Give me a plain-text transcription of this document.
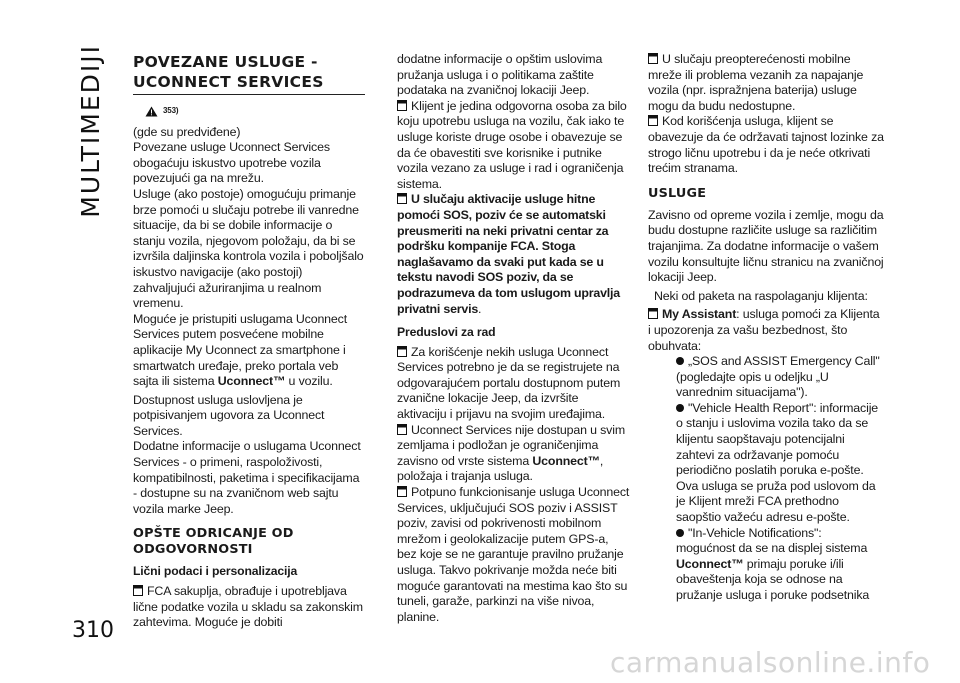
MULTIMEDIJI
310
carmanualsonline.info
POVEZANE USLUGE -
UCONNECT SERVICES

$^{353)}$

(gde su predviđene)

Povezane usluge Uconnect Services obogaćuju iskustvo upotrebe vozila povezujući ga na mrežu.

Usluge (ako postoje) omogućuju primanje brze pomoći u slučaju potrebe ili vanredne situacije, da bi se dobile informacije o stanju vozila, njegovom položaju, da bi se izvršila daljinska kontrola vozila i poboljšalo iskustvo navigacije (ako postoji) zahvaljujući ažuriranjima u realnom vremenu.

Moguće je pristupiti uslugama Uconnect Services putem posvećene mobilne aplikacije My Uconnect za smartphone i smartwatch uređaje, preko portala veb sajta ili sistema Uconnect™ u vozilu.

Dostupnost usluga uslovljena je potpisivanjem ugovora za Uconnect Services.

Dodatne informacije o uslugama Uconnect Services - o primeni, raspoloživosti, kompatibilnosti, paketima i specifikacijama - dostupne su na zvaničnom web sajtu vozila marke Jeep.

OPŠTE ODRICANJE OD
ODGOVORNOSTI
Lični podaci i personalizacija

FCA sakuplja, obrađuje i upotrebljava lične podatke vozila u skladu sa zakonskim zahtevima. Moguće je dobiti

dodatne informacije o opštim uslovima pružanja usluga i o politikama zaštite podataka na zvaničnoj lokaciji Jeep.

Klijent je jedina odgovorna osoba za bilo koju upotrebu usluga na vozilu, čak iako te usluge koriste druge osobe i obavezuje se da će obavestiti sve korisnike i putnike vozila vezano za usluge i rad i ograničenja sistema.

U slučaju aktivacije usluge hitne pomoći SOS, poziv će se automatski preusmeriti na neki privatni centar za podršku kompanije FCA. Stoga naglašavamo da svaki put kada se u tekstu navodi SOS poziv, da se podrazumeva da tom uslugom upravlja privatni servis.

Preduslovi za rad

Za korišćenje nekih usluga Uconnect Services potrebno je da se registrujete na odgovarajućem portalu dostupnom putem zvanične lokacije Jeep, da izvršite aktivaciju i prijavu na svojim uređajima.

Uconnect Services nije dostupan u svim zemljama i podložan je ograničenjima zavisno od vrste sistema Uconnect™, položaja i trajanja usluga.

Potpuno funkcionisanje usluga Uconnect Services, uključujući SOS poziv i ASSIST poziv, zavisi od pokrivenosti mobilnom mrežom i geolokalizacije putem GPS-a, bez koje se ne garantuje pravilno pružanje usluga. Takvo pokrivanje možda neće biti moguće garantovati na mestima kao što su tuneli, garaže, parkinzi na više nivoa, planine.

U slučaju preopterećenosti mobilne mreže ili problema vezanih za napajanje vozila (npr. ispražnjena baterija) usluge mogu da budu nedostupne.

Kod korišćenja usluga, klijent se obavezuje da će održavati tajnost lozinke za strogo ličnu upotrebu i da je neće otkrivati trećim stranama.

USLUGE

Zavisno od opreme vozila i zemlje, mogu da budu dostupne različite usluge sa različitim trajanjima. Za dodatne informacije o vašem vozilu konsultujte ličnu stranicu na zvaničnoj lokaciji Jeep.

Neki od paketa na raspolaganju klijenta:

My Assistant: usluga pomoći za Klijenta i upozorenja za vašu bezbednost, što obuhvata:

„SOS and ASSIST Emergency Call" (pogledajte opis u odeljku „U vanrednim situacijama").

"Vehicle Health Report": informacije o stanju i uslovima vozila tako da se klijentu saopštavaju potencijalni zahtevi za održavanje pomoću periodično poslatih poruka e-pošte. Ova usluga se pruža pod uslovom da je Klijent mreži FCA prethodno saopštio važeću adresu e-pošte.

"In-Vehicle Notifications": mogućnost da se na displej sistema Uconnect™ primaju poruke i/ili obaveštenja koja se odnose na pružanje usluga i poruke podsetnika
